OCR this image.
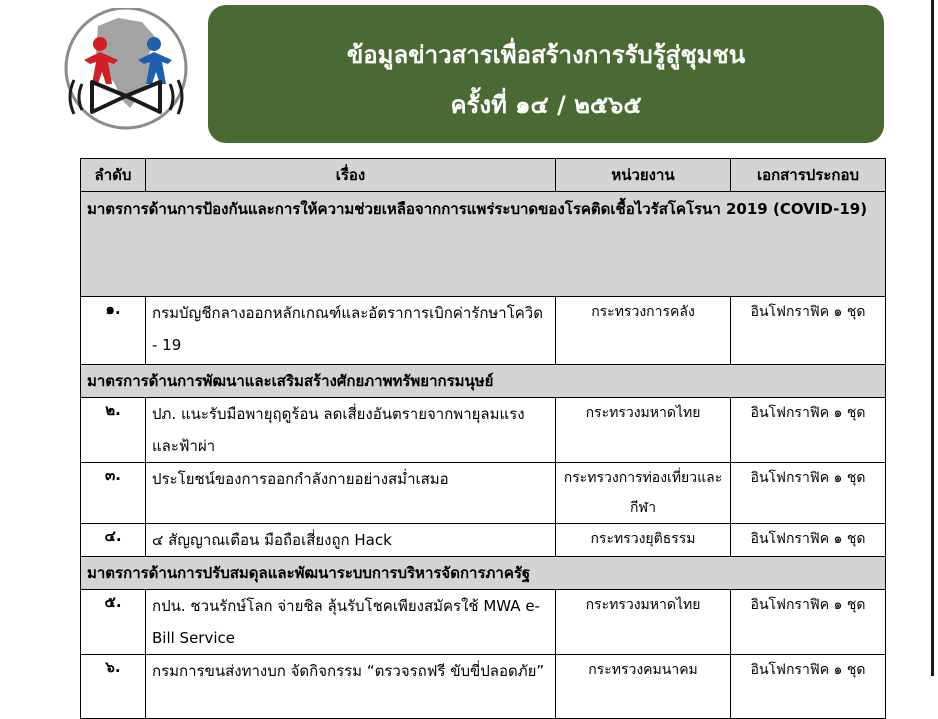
ข้อมูลข่าวสารเพื่อสร้างการรับรู้สู่ชุมชน
ครั้งที่ ๑๔ / ๒๕๖๕
ลำดับ	เรื่อง	หน่วยงาน	เอกสารประกอบ
มาตรการด้านการป้องกันและการให้ความช่วยเหลือจากการแพร่ระบาดของโรคติดเชื้อไวรัสโคโรนา 2019 (COVID-19)			
๑.	กรมบัญชีกลางออกหลักเกณฑ์และอัตราการเบิกค่ารักษาโควิด - 19	กระทรวงการคลัง	อินโฟกราฟิค ๑ ชุด
มาตรการด้านการพัฒนาและเสริมสร้างศักยภาพทรัพยากรมนุษย์			
๒.	ปภ. แนะรับมือพายุฤดูร้อน ลดเสี่ยงอันตรายจากพายุลมแรงและฟ้าผ่า	กระทรวงมหาดไทย	อินโฟกราฟิค ๑ ชุด
๓.	ประโยชน์ของการออกกำลังกายอย่างสม่ำเสมอ	กระทรวงการท่องเที่ยวและกีฬา	อินโฟกราฟิค ๑ ชุด
๔.	๔ สัญญาณเตือน มือถือเสี่ยงถูก Hack	กระทรวงยุติธรรม	อินโฟกราฟิค ๑ ชุด
มาตรการด้านการปรับสมดุลและพัฒนาระบบการบริหารจัดการภาครัฐ			
๕.	กปน. ชวนรักษ์โลก จ่ายชิล ลุ้นรับโชคเพียงสมัครใช้ MWA e-Bill Service	กระทรวงมหาดไทย	อินโฟกราฟิค ๑ ชุด
๖.	กรมการขนส่งทางบก จัดกิจกรรม “ตรวจรถฟรี ขับขี่ปลอดภัย”	กระทรวงคมนาคม	อินโฟกราฟิค ๑ ชุด
